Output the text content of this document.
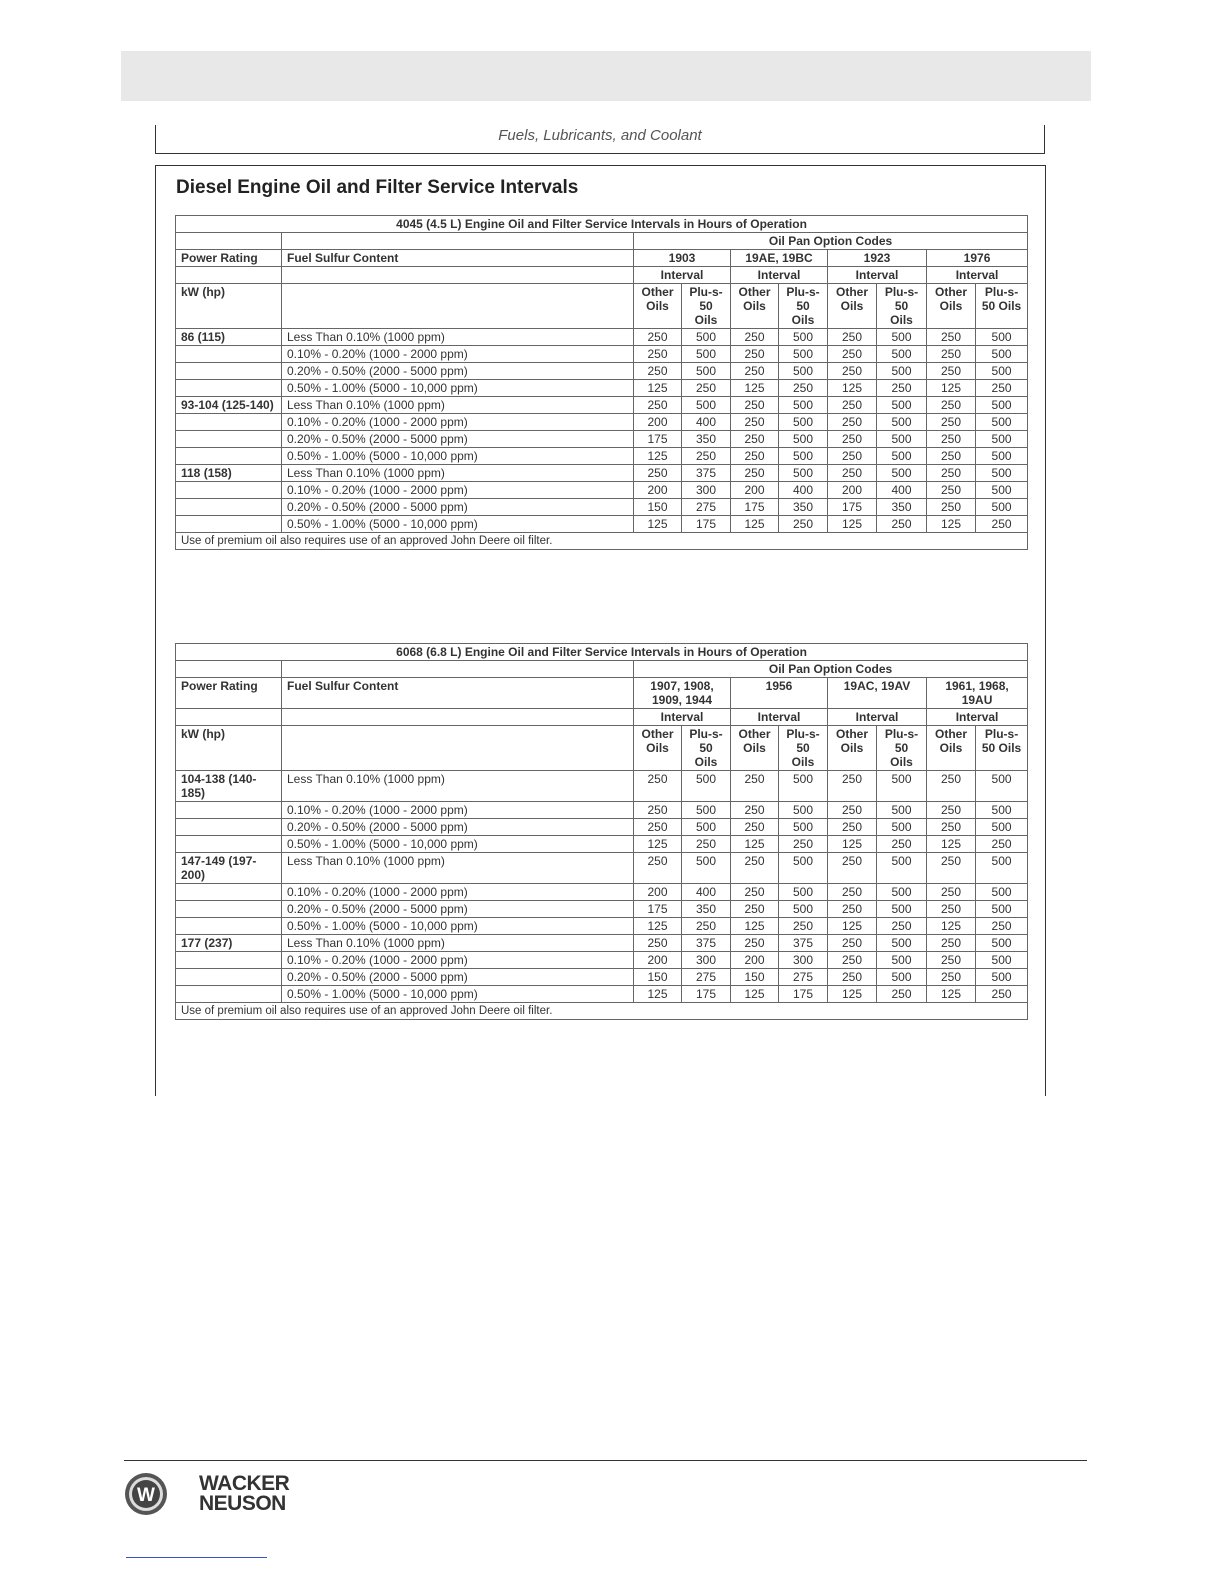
Fuels, Lubricants, and Coolant
Diesel Engine Oil and Filter Service Intervals
4045 (4.5 L) Engine Oil and Filter Service Intervals in Hours of Operation									
		Oil Pan Option Codes							
Power Rating	Fuel Sulfur Content	1903		19AE, 19BC		1923		1976	
		Interval		Interval		Interval		Interval	
kW (hp)		Other Oils	Plu-s-50 Oils	Other Oils	Plu-s-50 Oils	Other Oils	Plu-s-50 Oils	Other Oils	Plu-s-50 Oils
86 (115)	Less Than 0.10% (1000 ppm)	250	500	250	500	250	500	250	500
	0.10% - 0.20% (1000 - 2000 ppm)	250	500	250	500	250	500	250	500
	0.20% - 0.50% (2000 - 5000 ppm)	250	500	250	500	250	500	250	500
	0.50% - 1.00% (5000 - 10,000 ppm)	125	250	125	250	125	250	125	250
93-104 (125-140)	Less Than 0.10% (1000 ppm)	250	500	250	500	250	500	250	500
	0.10% - 0.20% (1000 - 2000 ppm)	200	400	250	500	250	500	250	500
	0.20% - 0.50% (2000 - 5000 ppm)	175	350	250	500	250	500	250	500
	0.50% - 1.00% (5000 - 10,000 ppm)	125	250	250	500	250	500	250	500
118 (158)	Less Than 0.10% (1000 ppm)	250	375	250	500	250	500	250	500
	0.10% - 0.20% (1000 - 2000 ppm)	200	300	200	400	200	400	250	500
	0.20% - 0.50% (2000 - 5000 ppm)	150	275	175	350	175	350	250	500
	0.50% - 1.00% (5000 - 10,000 ppm)	125	175	125	250	125	250	125	250
Use of premium oil also requires use of an approved John Deere oil filter.									
6068 (6.8 L) Engine Oil and Filter Service Intervals in Hours of Operation									
		Oil Pan Option Codes							
Power Rating	Fuel Sulfur Content	1907, 1908, 1909, 1944		1956		19AC, 19AV		1961, 1968, 19AU	
		Interval		Interval		Interval		Interval	
kW (hp)		Other Oils	Plu-s-50 Oils	Other Oils	Plu-s-50 Oils	Other Oils	Plu-s-50 Oils	Other Oils	Plu-s-50 Oils
104-138 (140-185)	Less Than 0.10% (1000 ppm)	250	500	250	500	250	500	250	500
	0.10% - 0.20% (1000 - 2000 ppm)	250	500	250	500	250	500	250	500
	0.20% - 0.50% (2000 - 5000 ppm)	250	500	250	500	250	500	250	500
	0.50% - 1.00% (5000 - 10,000 ppm)	125	250	125	250	125	250	125	250
147-149 (197-200)	Less Than 0.10% (1000 ppm)	250	500	250	500	250	500	250	500
	0.10% - 0.20% (1000 - 2000 ppm)	200	400	250	500	250	500	250	500
	0.20% - 0.50% (2000 - 5000 ppm)	175	350	250	500	250	500	250	500
	0.50% - 1.00% (5000 - 10,000 ppm)	125	250	125	250	125	250	125	250
177 (237)	Less Than 0.10% (1000 ppm)	250	375	250	375	250	500	250	500
	0.10% - 0.20% (1000 - 2000 ppm)	200	300	200	300	250	500	250	500
	0.20% - 0.50% (2000 - 5000 ppm)	150	275	150	275	250	500	250	500
	0.50% - 1.00% (5000 - 10,000 ppm)	125	175	125	175	125	250	125	250
Use of premium oil also requires use of an approved John Deere oil filter.									
W
WACKER
NEUSON
